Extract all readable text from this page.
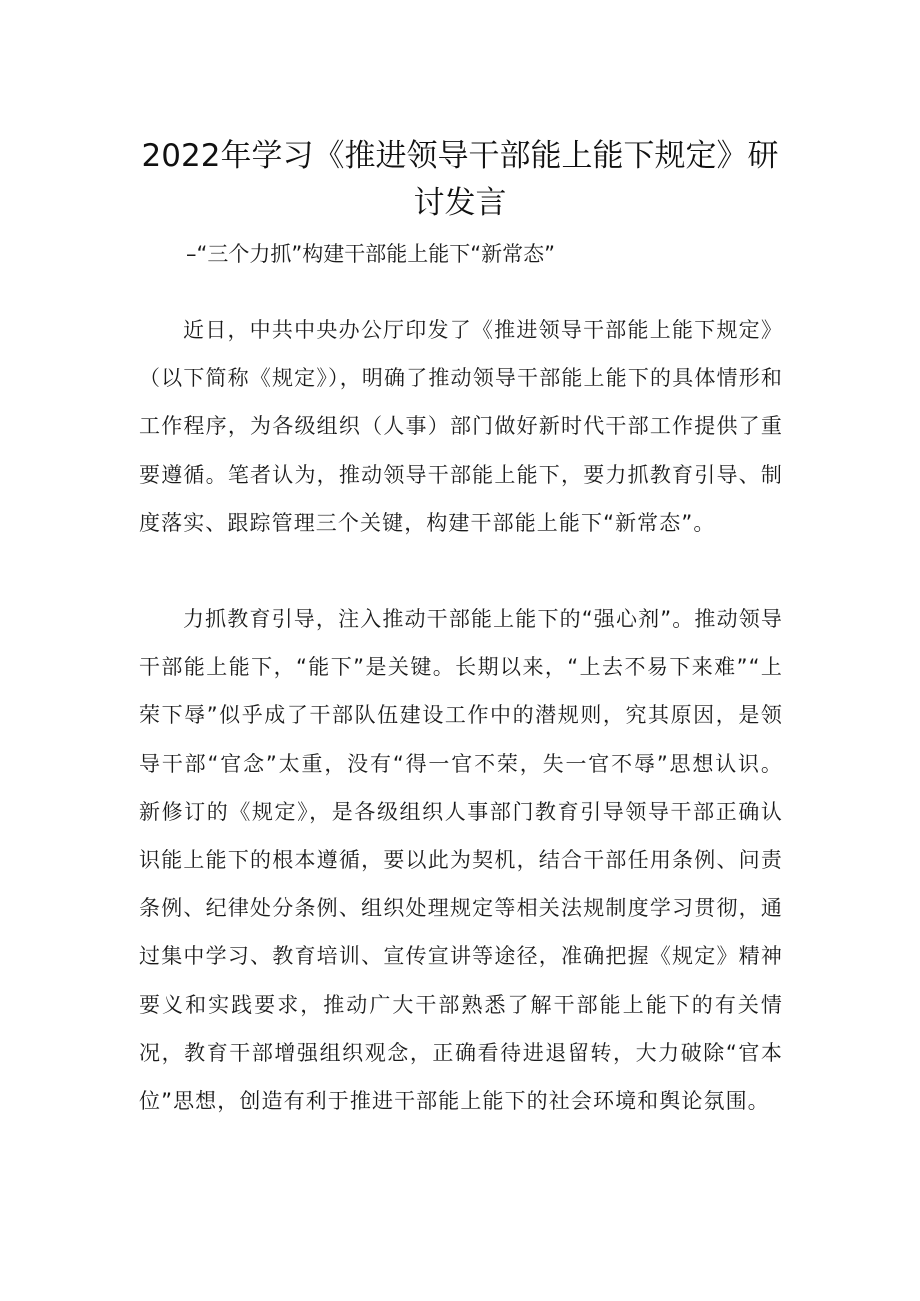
2022年学习《推进领导干部能上能下规定》研讨发言
–“三个力抓”构建干部能上能下“新常态”

近日，中共中央办公厅印发了《推进领导干部能上能下规定》（以下简称《规定》），明确了推动领导干部能上能下的具体情形和工作程序，为各级组织（人事）部门做好新时代干部工作提供了重要遵循。笔者认为，推动领导干部能上能下，要力抓教育引导、制度落实、跟踪管理三个关键，构建干部能上能下“新常态”。

力抓教育引导，注入推动干部能上能下的“强心剂”。推动领导干部能上能下，“能下”是关键。长期以来，“上去不易下来难”“上荣下辱”似乎成了干部队伍建设工作中的潜规则，究其原因，是领导干部“官念”太重，没有“得一官不荣，失一官不辱”思想认识。新修订的《规定》，是各级组织人事部门教育引导领导干部正确认识能上能下的根本遵循，要以此为契机，结合干部任用条例、问责条例、纪律处分条例、组织处理规定等相关法规制度学习贯彻，通过集中学习、教育培训、宣传宣讲等途径，准确把握《规定》精神要义和实践要求，推动广大干部熟悉了解干部能上能下的有关情况，教育干部增强组织观念，正确看待进退留转，大力破除“官本位”思想，创造有利于推进干部能上能下的社会环境和舆论氛围。
